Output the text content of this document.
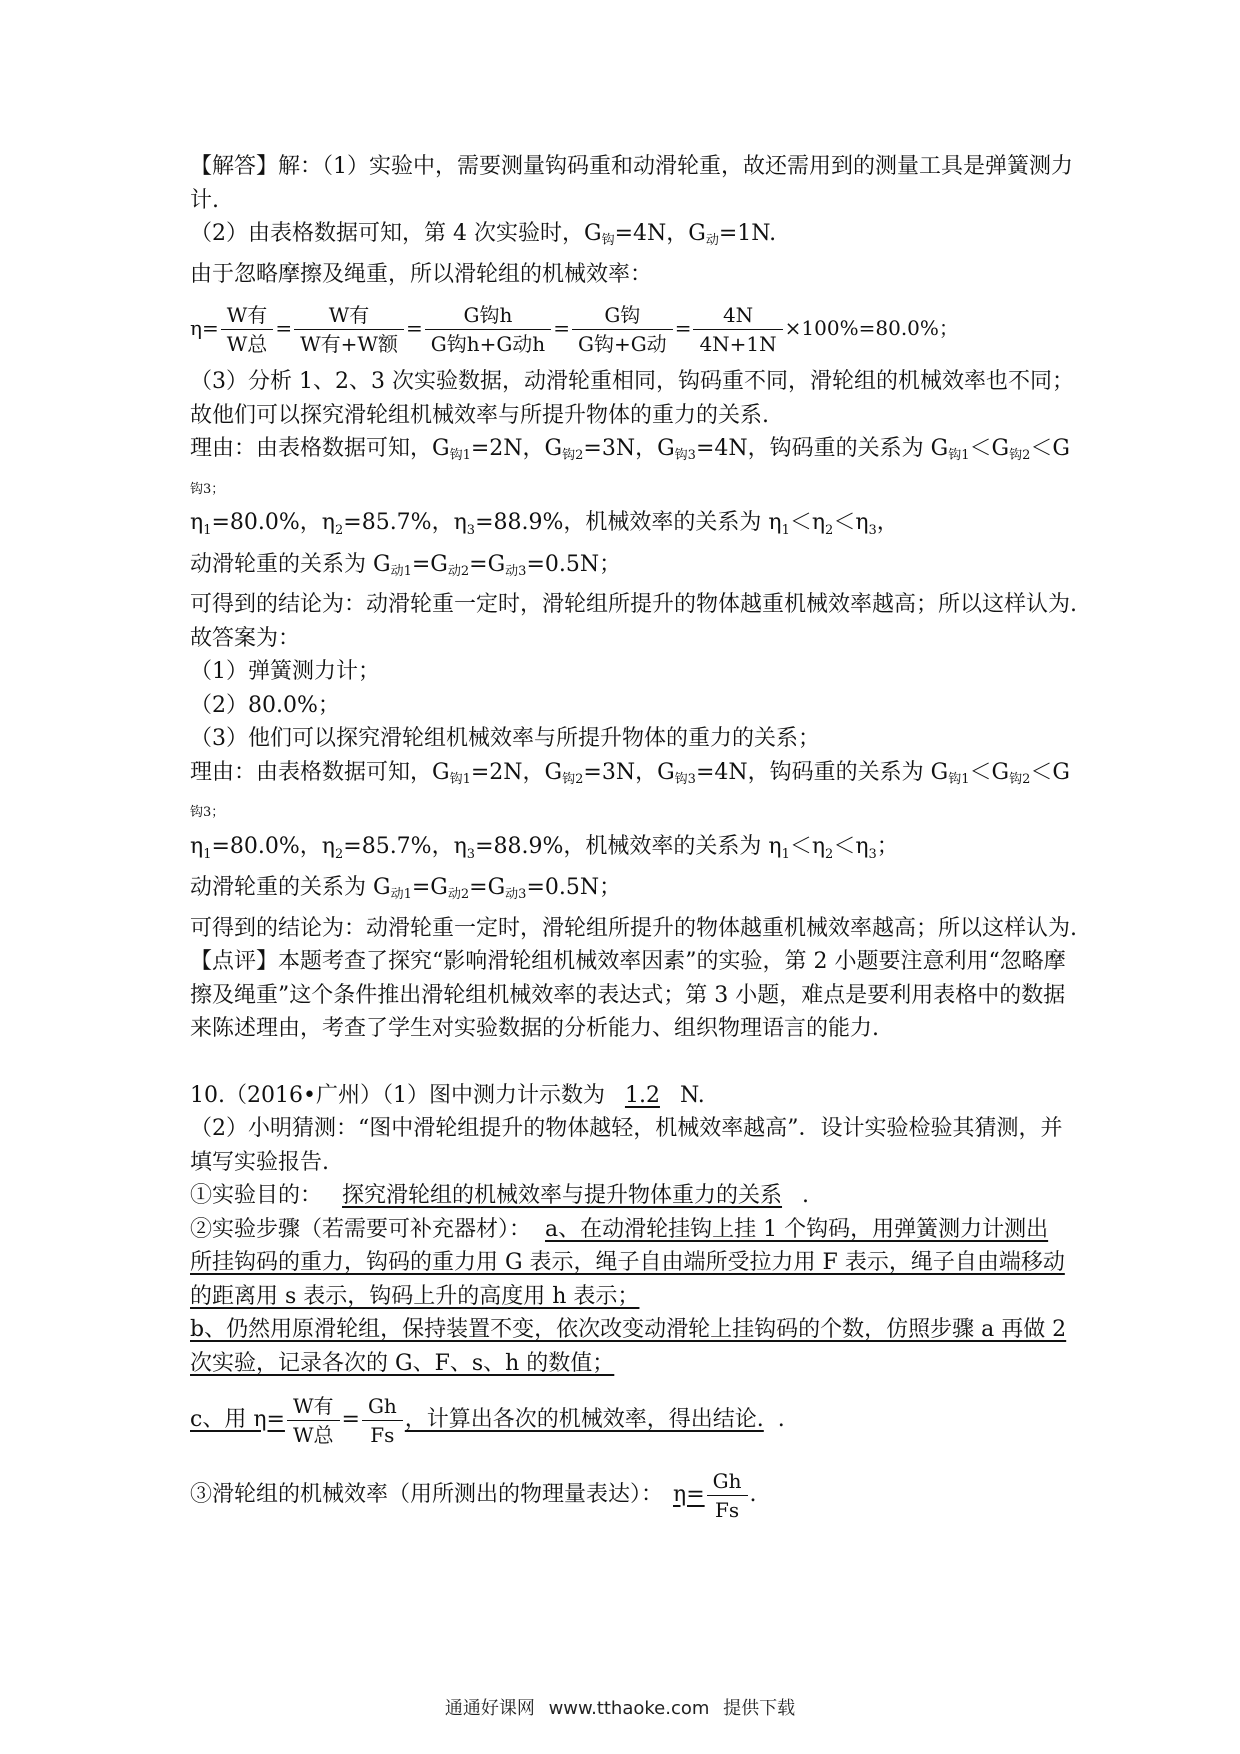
【解答】解：（1）实验中，需要测量钩码重和动滑轮重，故还需用到的测量工具是弹簧测力
计.
（2）由表格数据可知，第 4 次实验时，$G_钩=4N$，$G_动=1N$.
由于忽略摩擦及绳重，所以滑轮组的机械效率：
$\eta= \frac{\text{W有}}{\text{W总}} = \frac{\text{W有}}{\text{W有+W额}} = \frac{\text{G钩h}}{\text{G钩h+G动h}} = \frac{\text{G钩}}{\text{G钩+G动}} = \frac{4N}{4N+1N} \times 100\%=80.0\%$；
（3）分析 1、2、3 次实验数据，动滑轮重相同，钩码重不同，滑轮组的机械效率也不同；
故他们可以探究滑轮组机械效率与所提升物体的重力的关系.
理由：由表格数据可知，$G_{钩1}=2N$，$G_{钩2}=3N$，$G_{钩3}=4N$，钩码重的关系为 $G_{钩1}<G_{钩2}<G$
钩3；
$\eta_1=80.0\%$，$\eta_2=85.7\%$，$\eta_3=88.9\%$，机械效率的关系为 $\eta_1<\eta_2<\eta_3$，
动滑轮重的关系为 $G_{动1}=G_{动2}=G_{动3}=0.5N$；
可得到的结论为：动滑轮重一定时，滑轮组所提升的物体越重机械效率越高；所以这样认为.
故答案为：
（1）弹簧测力计；
（2）80.0%；
（3）他们可以探究滑轮组机械效率与所提升物体的重力的关系；
理由：由表格数据可知，$G_{钩1}=2N$，$G_{钩2}=3N$，$G_{钩3}=4N$，钩码重的关系为 $G_{钩1}<G_{钩2}<G$
钩3；
$\eta_1=80.0\%$，$\eta_2=85.7\%$，$\eta_3=88.9\%$，机械效率的关系为 $\eta_1<\eta_2<\eta_3$；
动滑轮重的关系为 $G_{动1}=G_{动2}=G_{动3}=0.5N$；
可得到的结论为：动滑轮重一定时，滑轮组所提升的物体越重机械效率越高；所以这样认为.
【点评】本题考查了探究“影响滑轮组机械效率因素”的实验，第 2 小题要注意利用“忽略摩
擦及绳重”这个条件推出滑轮组机械效率的表达式；第 3 小题，难点是要利用表格中的数据
来陈述理由，考查了学生对实验数据的分析能力、组织物理语言的能力.
10.（2016•广州）（1）图中测力计示数为 1.2 N.
（2）小明猜测：“图中滑轮组提升的物体越轻，机械效率越高”．设计实验检验其猜测，并
填写实验报告.
①实验目的： 探究滑轮组的机械效率与提升物体重力的关系 .
②实验步骤（若需要可补充器材）： a、在动滑轮挂钩上挂 1 个钩码，用弹簧测力计测出
所挂钩码的重力，钩码的重力用 G 表示，绳子自由端所受拉力用 F 表示，绳子自由端移动
的距离用 s 表示，钩码上升的高度用 h 表示；
b、仍然用原滑轮组，保持装置不变，依次改变动滑轮上挂钩码的个数，仿照步骤 a 再做 2
次实验，记录各次的 G、F、s、h 的数值；
c、用 $\eta= \frac{\text{W有}}{\text{W总}} = \frac{Gh}{Fs}$ ，计算出各次的机械效率，得出结论. .
③滑轮组的机械效率（用所测出的物理量表达）： $\eta= \frac{Gh}{Fs}$ .
通通好课网 www.tthaoke.com 提供下载
